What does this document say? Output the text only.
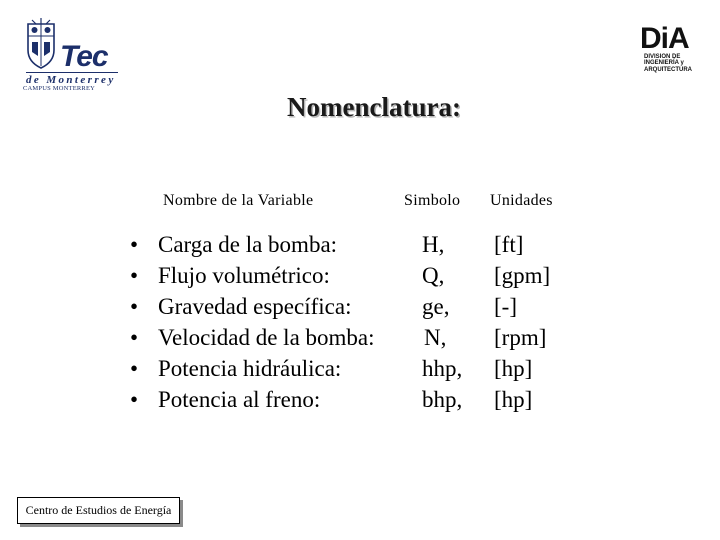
Tec
de Monterrey
CAMPUS MONTERREY
DiA
DIVISION DE
INGENIERÍA y
ARQUITECTURA
Nomenclatura:
Nombre de la Variable	Simbolo Unidades
• Carga de la bomba:	H, [ft]
• Flujo volumétrico:	Q, [gpm]
• Gravedad específica:	ge, [-]
• Velocidad de la bomba: N, [rpm]
• Potencia hidráulica:	hhp, [hp]
• Potencia al freno:	bhp, [hp]
Centro de Estudios de Energía
